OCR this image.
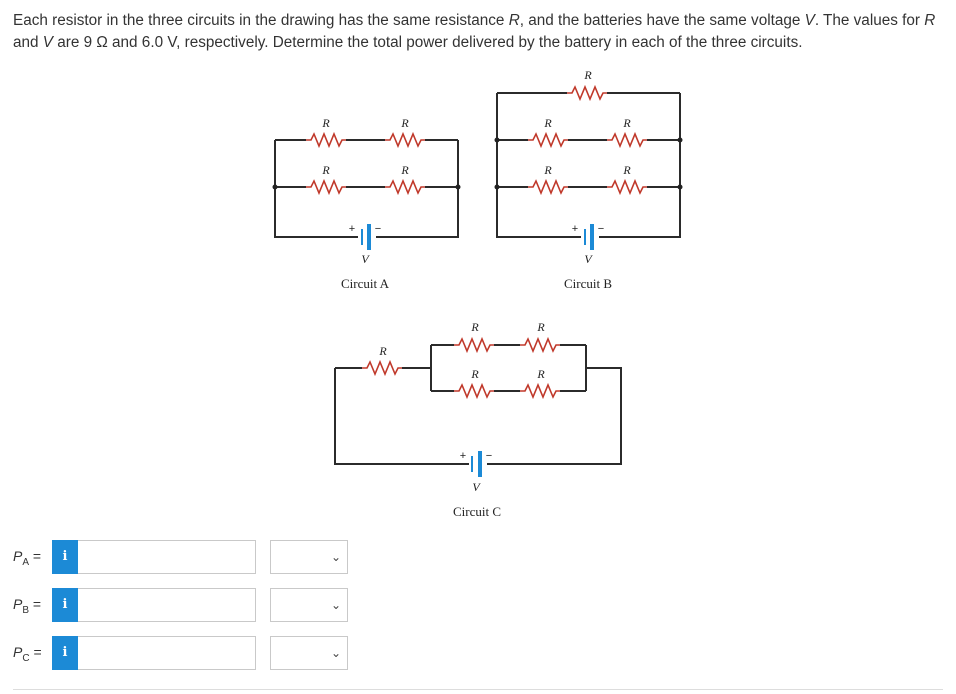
Each resistor in the three circuits in the drawing has the same resistance R, and the batteries have the same voltage V. The values for R and V are 9 Ω and 6.0 V, respectively. Determine the total power delivered by the battery in each of the three circuits.

R	R
R	R
+ −
V
Circuit A
R
R	R
R	R
+ −
V
Circuit B
R
R	R
R	R
+ −
V
Circuit C
$P_A$ =	i	⌄
$P_B$ =	i	⌄
$P_C$ =	i	⌄
